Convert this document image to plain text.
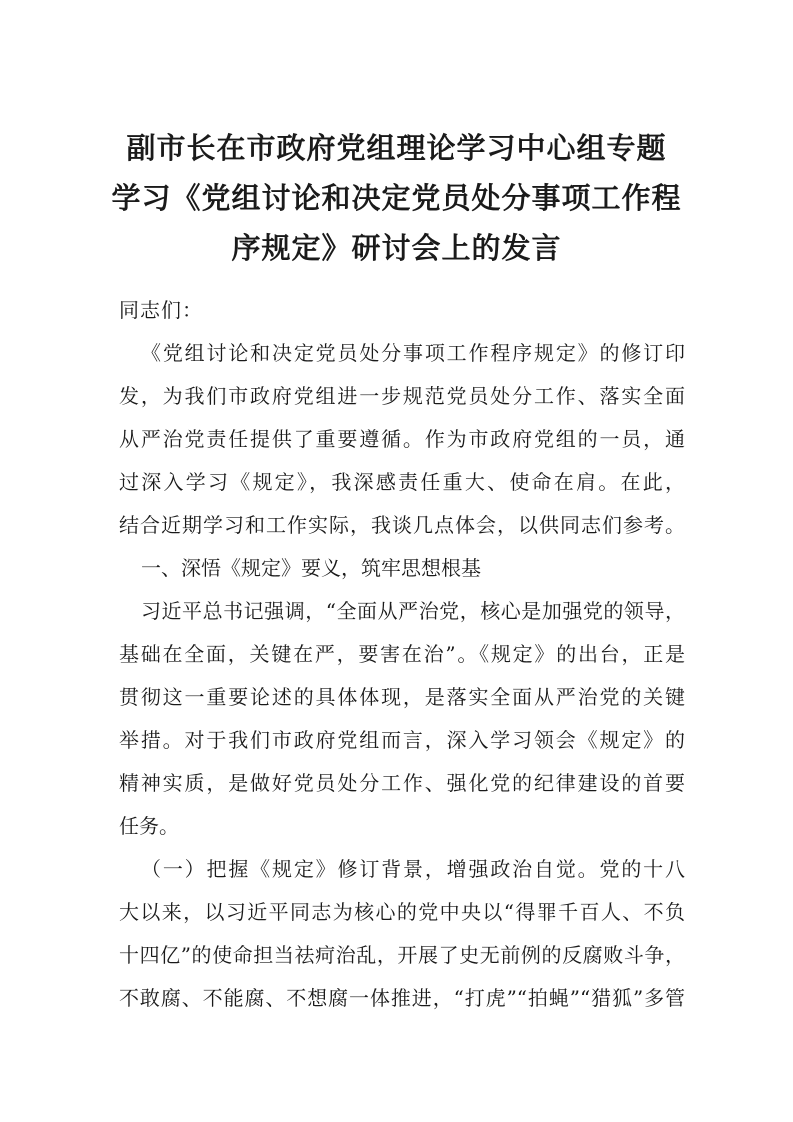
副市长在市政府党组理论学习中心组专题
学习《党组讨论和决定党员处分事项工作程
序规定》研讨会上的发言
同志们：
《党组讨论和决定党员处分事项工作程序规定》的修订印
发，为我们市政府党组进一步规范党员处分工作、落实全面
从严治党责任提供了重要遵循。作为市政府党组的一员，通
过深入学习《规定》，我深感责任重大、使命在肩。在此，
结合近期学习和工作实际，我谈几点体会，以供同志们参考。
一、深悟《规定》要义，筑牢思想根基
习近平总书记强调，“全面从严治党，核心是加强党的领导，
基础在全面，关键在严，要害在治”。《规定》的出台，正是
贯彻这一重要论述的具体体现，是落实全面从严治党的关键
举措。对于我们市政府党组而言，深入学习领会《规定》的
精神实质，是做好党员处分工作、强化党的纪律建设的首要
任务。
（一）把握《规定》修订背景，增强政治自觉。党的十八
大以来，以习近平同志为核心的党中央以“得罪千百人、不负
十四亿”的使命担当祛疴治乱，开展了史无前例的反腐败斗争，
不敢腐、不能腐、不想腐一体推进，“打虎”“拍蝇”“猎狐”多管
